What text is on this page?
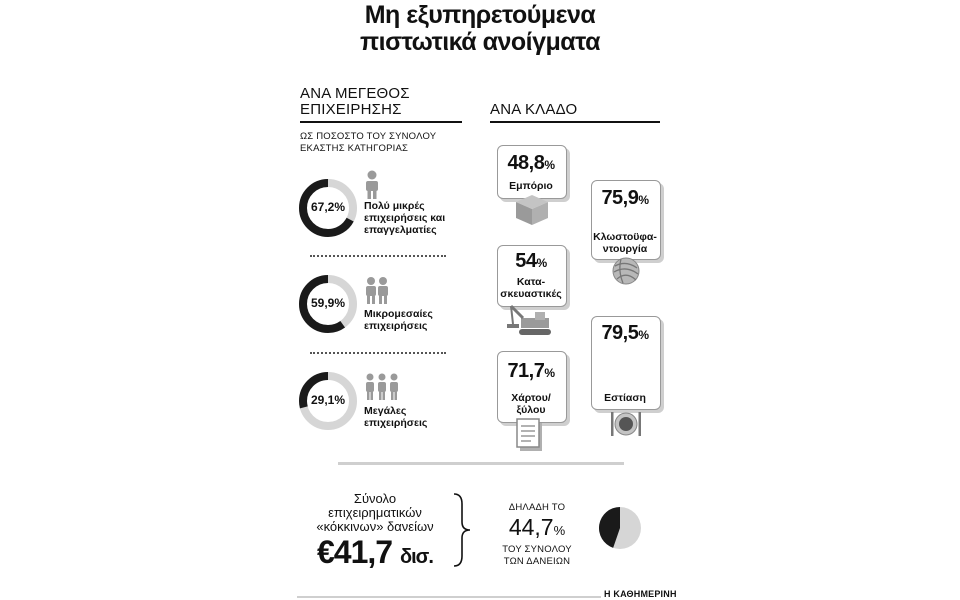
Μη εξυπηρετούμενα
πιστωτικά ανοίγματα
ΑΝΑ ΜΕΓΕΘΟΣ
ΕΠΙΧΕΙΡΗΣΗΣ
ΩΣ ΠΟΣΟΣΤΟ ΤΟΥ ΣΥΝΟΛΟΥ
ΕΚΑΣΤΗΣ ΚΑΤΗΓΟΡΙΑΣ
ΑΝΑ ΚΛΑΔΟ
67,2%	Πολύ μικρές
επιχειρήσεις και
επαγγελματίες
59,9%
Μικρομεσαίες
επιχειρήσεις
29,1%
Μεγάλες
επιχειρήσεις
48,8%
Εμπόριο
54%
Κατα-
σκευαστικές
71,7%
Χάρτου/
ξύλου
75,9%
Κλωστοϋφα-
ντουργία
79,5%
Εστίαση
Σύνολο
επιχειρηματικών
«κόκκινων» δανείων
€41,7 δισ.
ΔΗΛΑΔΗ ΤΟ
44,7%
ΤΟΥ ΣΥΝΟΛΟΥ
ΤΩΝ ΔΑΝΕΙΩΝ
Η ΚΑΘΗΜΕΡΙΝΗ
